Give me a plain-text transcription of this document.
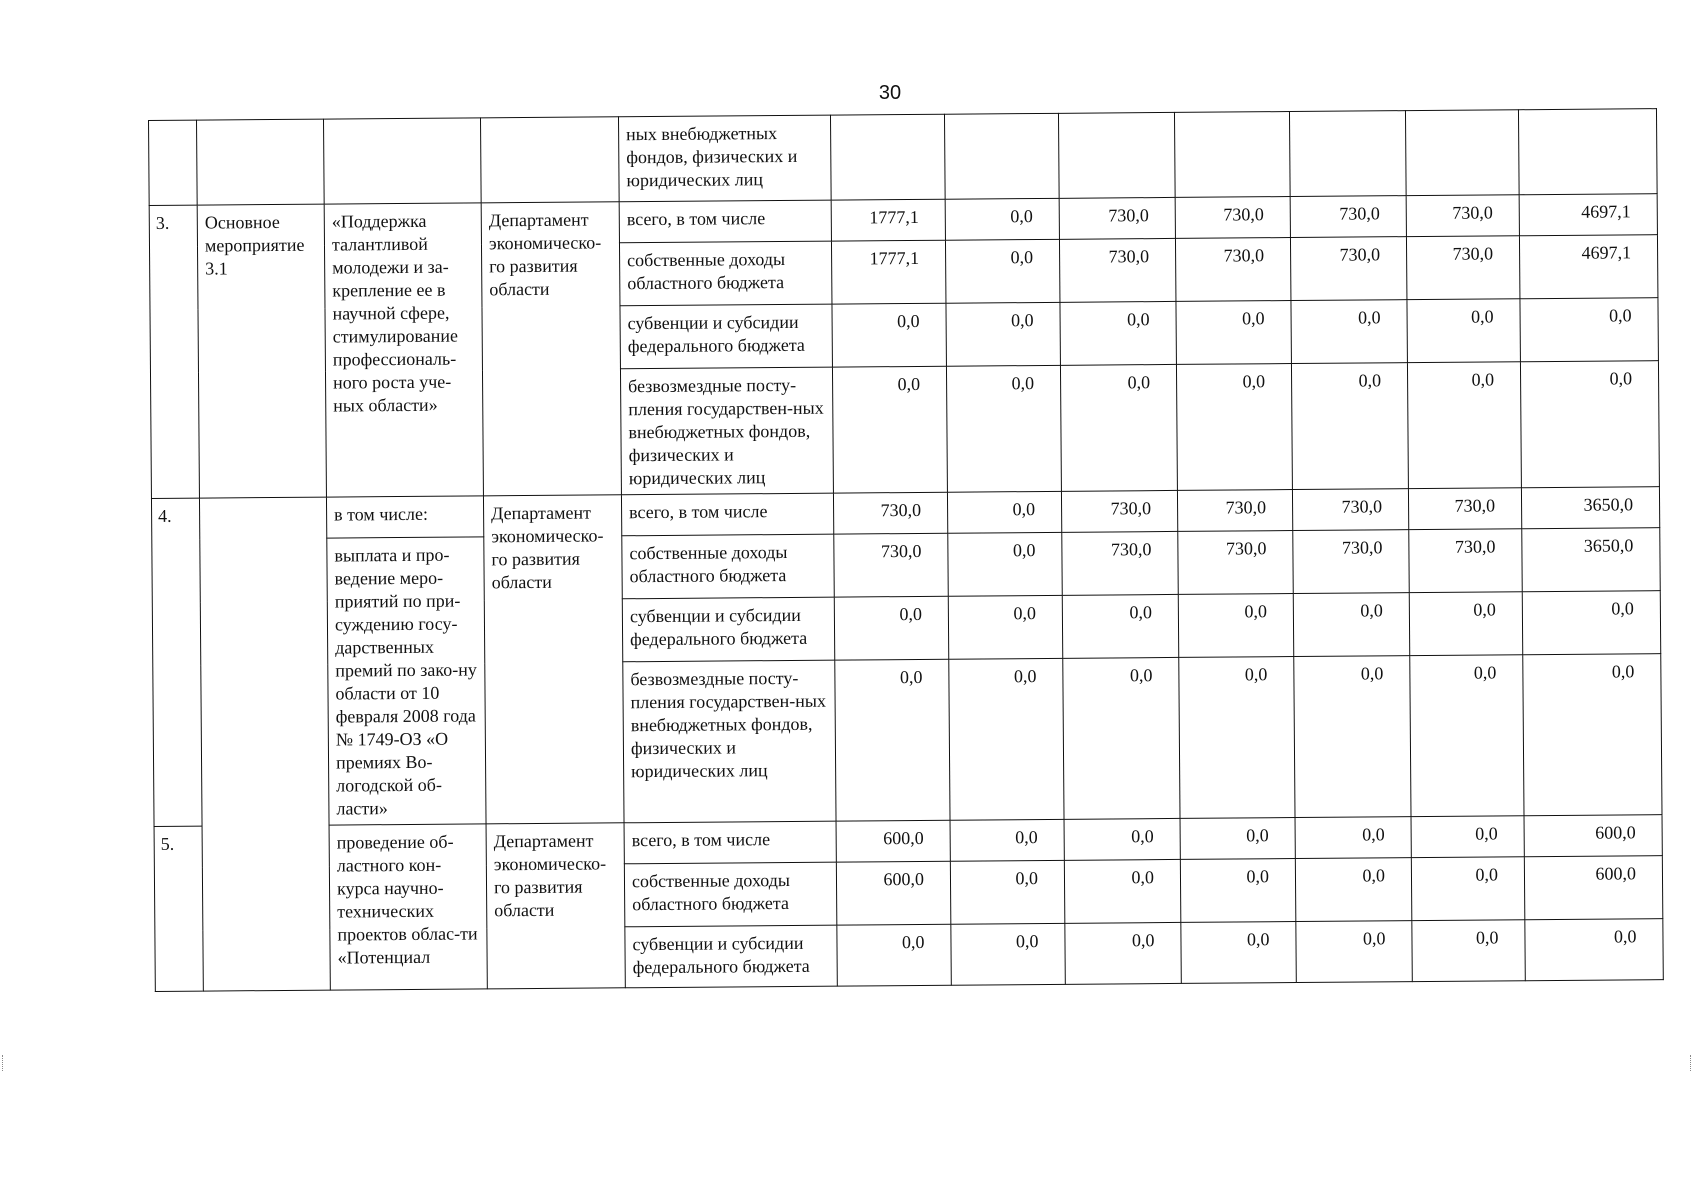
30
				ных внебюджетных фондов, физических и юридических лиц							
3.	Основное мероприятие 3.1	«Поддержка талантливой молодежи и за-крепление ее в научной сфере, стимулирование профессиональ-ного роста уче-ных области»	Департамент экономическо-го развития области	всего, в том числе	1777,1	0,0	730,0	730,0	730,0	730,0	4697,1
				собственные доходы областного бюджета	1777,1	0,0	730,0	730,0	730,0	730,0	4697,1
				субвенции и субсидии федерального бюджета	0,0	0,0	0,0	0,0	0,0	0,0	0,0
				безвозмездные посту-пления государствен-ных внебюджетных фондов, физических и юридических лиц	0,0	0,0	0,0	0,0	0,0	0,0	0,0
4.		в том числе:	Департамент экономическо-го развития области	всего, в том числе	730,0	0,0	730,0	730,0	730,0	730,0	3650,0
		выплата и про-ведение меро-приятий по при-суждению госу-дарственных премий по зако-ну области от 10 февраля 2008 года № 1749-ОЗ «О премиях Во-логодской об-ласти»		собственные доходы областного бюджета	730,0	0,0	730,0	730,0	730,0	730,0	3650,0
				субвенции и субсидии федерального бюджета	0,0	0,0	0,0	0,0	0,0	0,0	0,0
				безвозмездные посту-пления государствен-ных внебюджетных фондов, физических и юридических лиц	0,0	0,0	0,0	0,0	0,0	0,0	0,0
5.		проведение об-ластного кон-курса научно-технических проектов облас-ти «Потенциал	Департамент экономическо-го развития области	всего, в том числе	600,0	0,0	0,0	0,0	0,0	0,0	600,0
				собственные доходы областного бюджета	600,0	0,0	0,0	0,0	0,0	0,0	600,0
				субвенции и субсидии федерального бюджета	0,0	0,0	0,0	0,0	0,0	0,0	0,0
